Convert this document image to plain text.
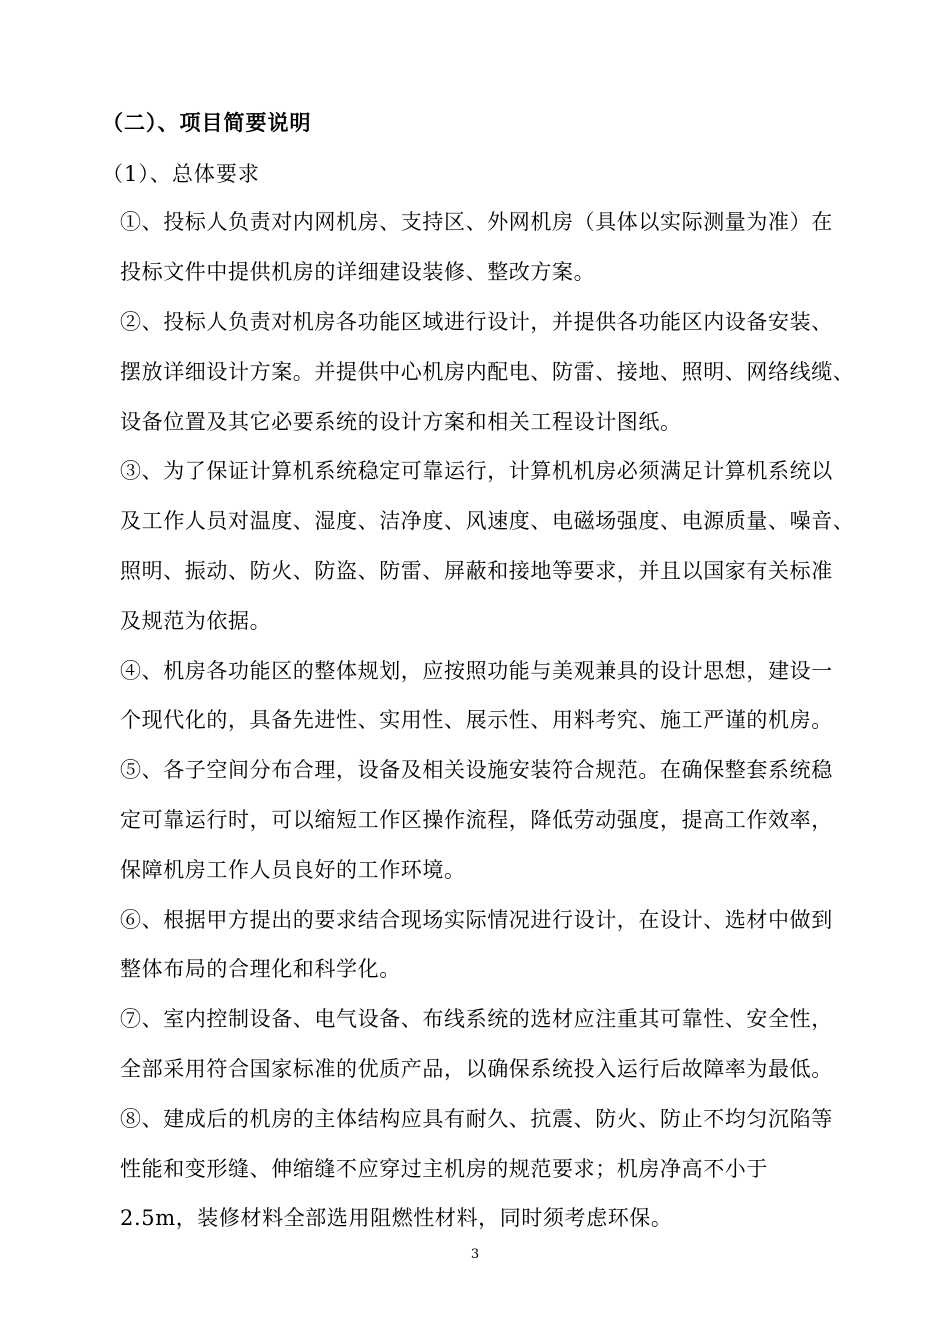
（二）、项目简要说明
（1）、总体要求
①、投标人负责对内网机房、支持区、外网机房（具体以实际测量为准）在
投标文件中提供机房的详细建设装修、整改方案。
②、投标人负责对机房各功能区域进行设计，并提供各功能区内设备安装、
摆放详细设计方案。并提供中心机房内配电、防雷、接地、照明、网络线缆、
设备位置及其它必要系统的设计方案和相关工程设计图纸。
③、为了保证计算机系统稳定可靠运行，计算机机房必须满足计算机系统以
及工作人员对温度、湿度、洁净度、风速度、电磁场强度、电源质量、噪音、
照明、振动、防火、防盗、防雷、屏蔽和接地等要求，并且以国家有关标准
及规范为依据。
④、机房各功能区的整体规划，应按照功能与美观兼具的设计思想，建设一
个现代化的，具备先进性、实用性、展示性、用料考究、施工严谨的机房。
⑤、各子空间分布合理，设备及相关设施安装符合规范。在确保整套系统稳
定可靠运行时，可以缩短工作区操作流程，降低劳动强度，提高工作效率，
保障机房工作人员良好的工作环境。
⑥、根据甲方提出的要求结合现场实际情况进行设计，在设计、选材中做到
整体布局的合理化和科学化。
⑦、室内控制设备、电气设备、布线系统的选材应注重其可靠性、安全性，
全部采用符合国家标准的优质产品，以确保系统投入运行后故障率为最低。
⑧、建成后的机房的主体结构应具有耐久、抗震、防火、防止不均匀沉陷等
性能和变形缝、伸缩缝不应穿过主机房的规范要求；机房净高不小于
2.5m，装修材料全部选用阻燃性材料，同时须考虑环保。
3
